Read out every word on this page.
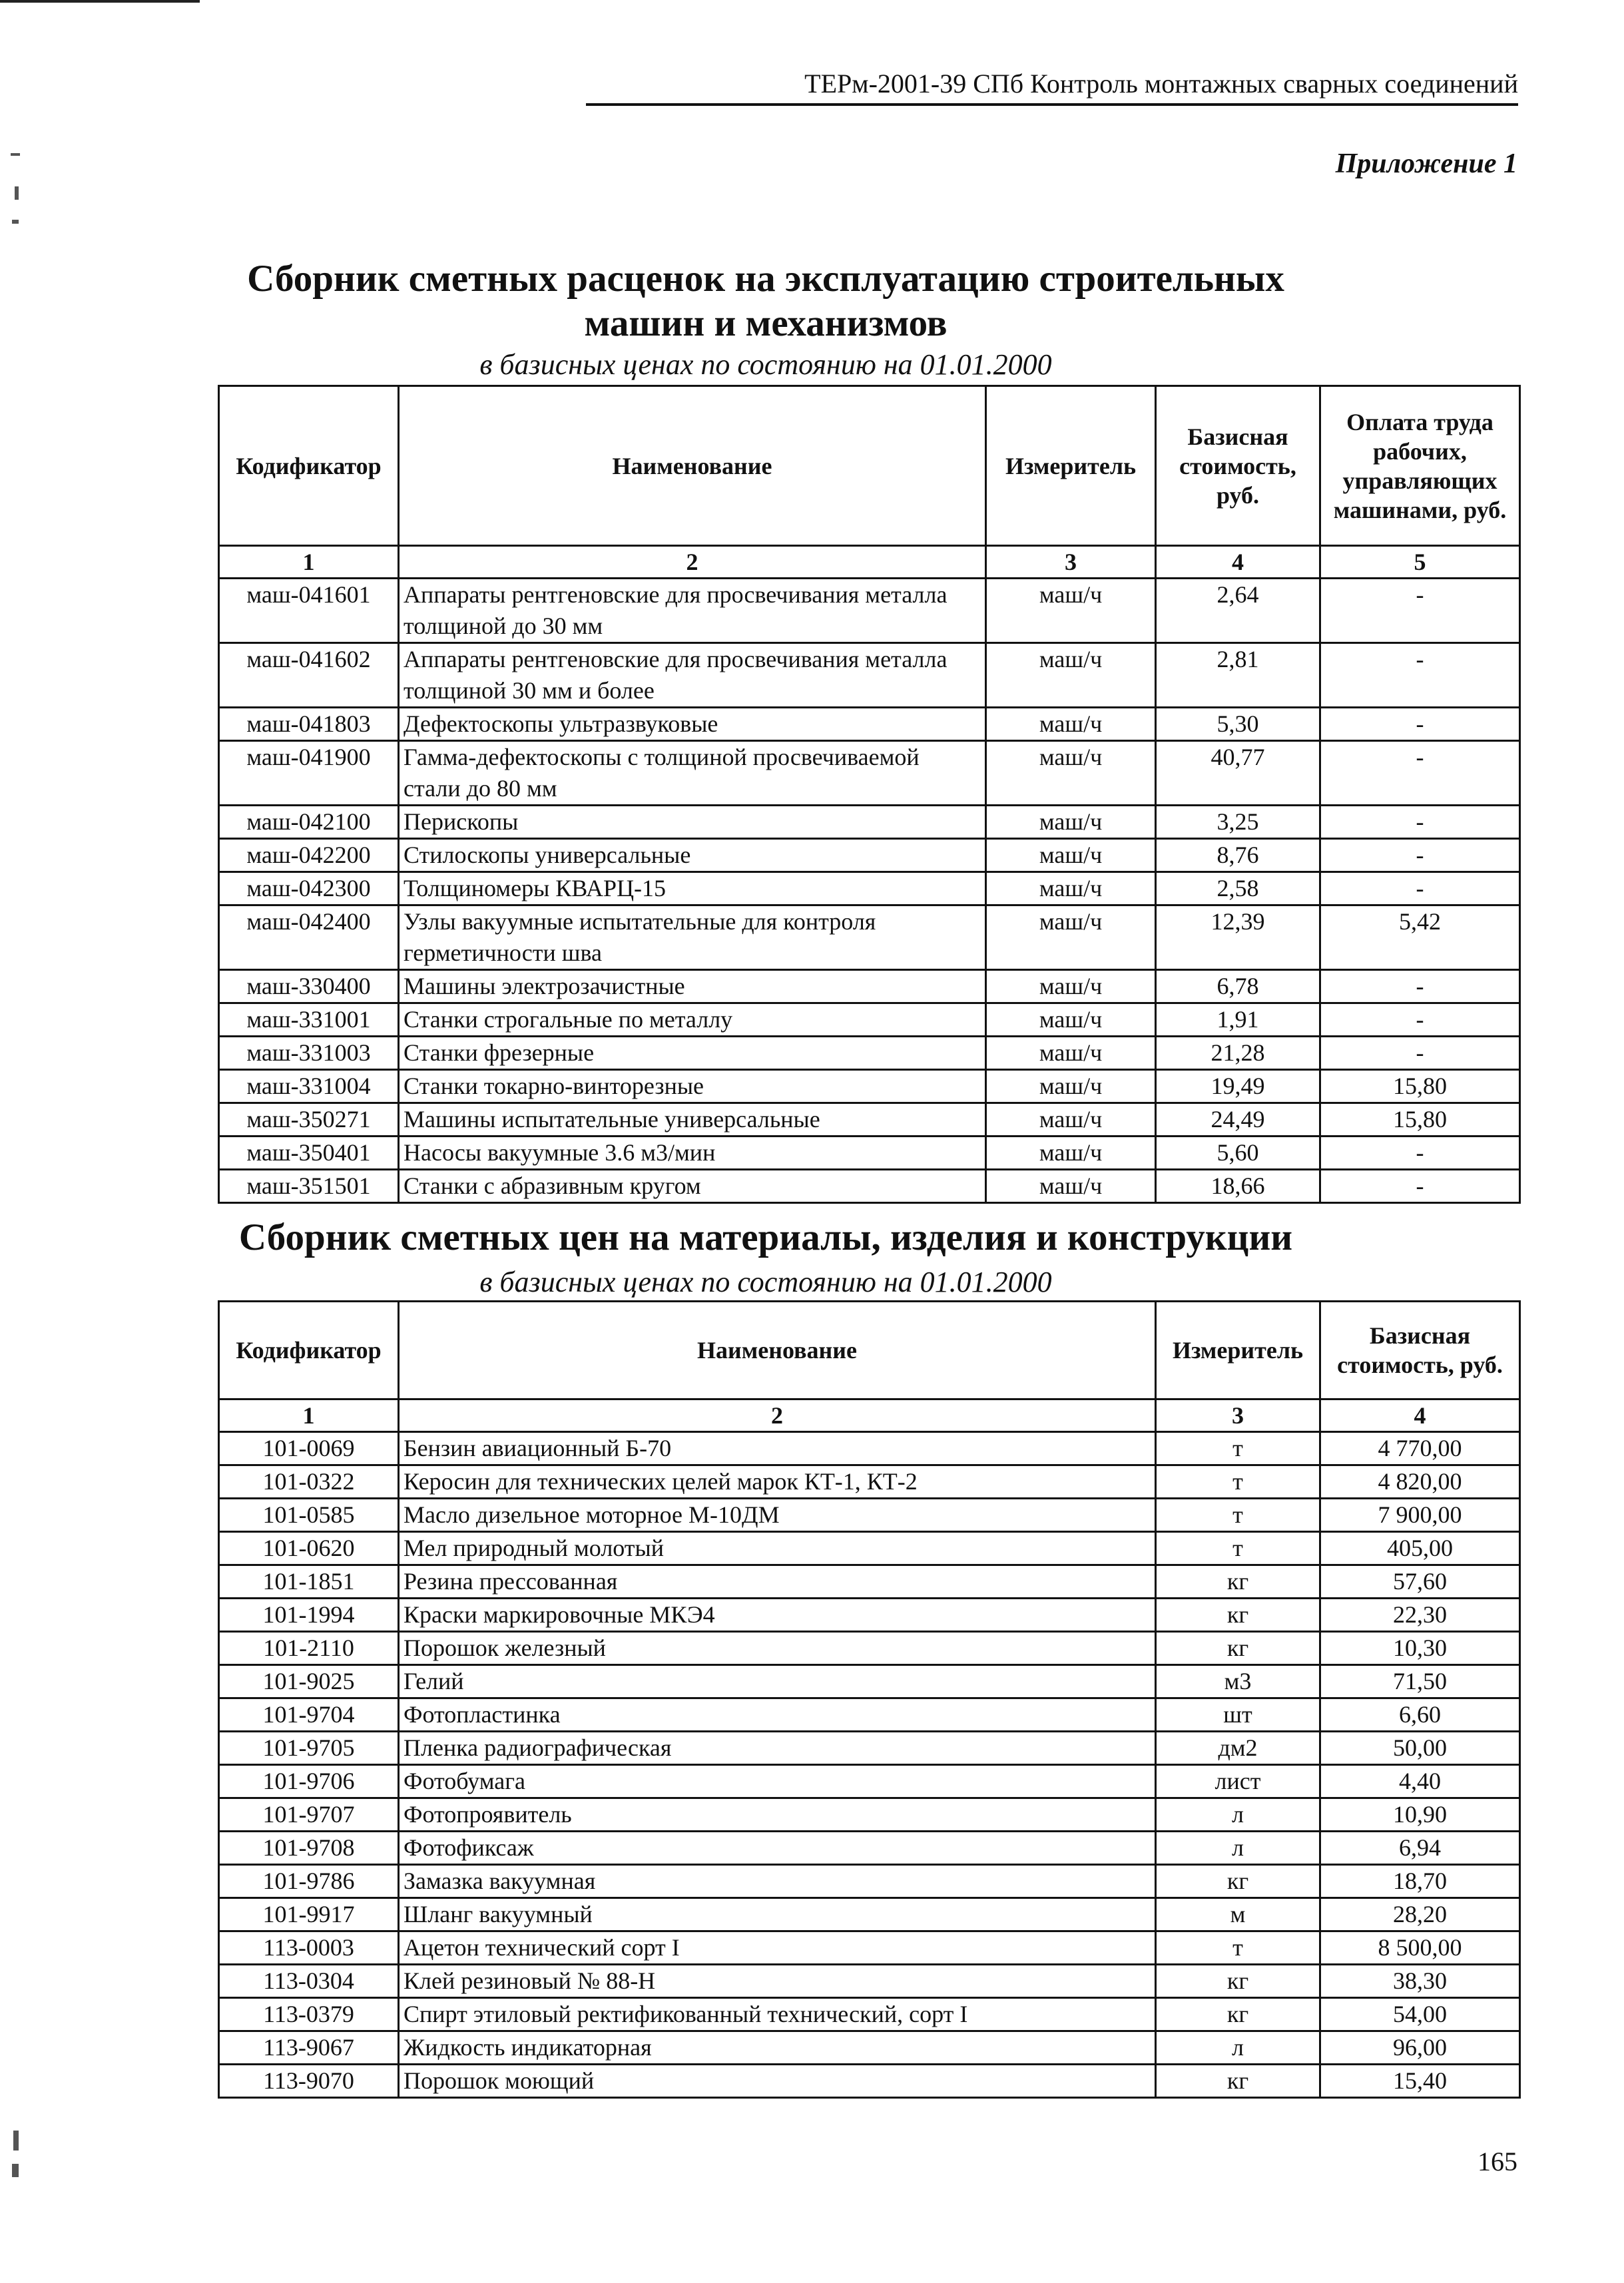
ТЕРм-2001-39 СПб Контроль монтажных сварных соединений
Приложение 1
Сборник сметных расценок на эксплуатацию строительных машин и механизмов
в базисных ценах по состоянию на 01.01.2000
Кодификатор	Наименование	Измеритель	Базисная стоимость, руб.	Оплата труда рабочих, управляющих машинами, руб.
1	2	3	4	5
маш-041601	Аппараты рентгеновские для просвечивания металла толщиной до 30 мм	маш/ч	2,64	-
маш-041602	Аппараты рентгеновские для просвечивания металла толщиной 30 мм и более	маш/ч	2,81	-
маш-041803	Дефектоскопы ультразвуковые	маш/ч	5,30	-
маш-041900	Гамма-дефектоскопы с толщиной просвечиваемой стали до 80 мм	маш/ч	40,77	-
маш-042100	Перископы	маш/ч	3,25	-
маш-042200	Стилоскопы универсальные	маш/ч	8,76	-
маш-042300	Толщиномеры КВАРЦ-15	маш/ч	2,58	-
маш-042400	Узлы вакуумные испытательные для контроля герметичности шва	маш/ч	12,39	5,42
маш-330400	Машины электрозачистные	маш/ч	6,78	-
маш-331001	Станки строгальные по металлу	маш/ч	1,91	-
маш-331003	Станки фрезерные	маш/ч	21,28	-
маш-331004	Станки токарно-винторезные	маш/ч	19,49	15,80
маш-350271	Машины испытательные универсальные	маш/ч	24,49	15,80
маш-350401	Насосы вакуумные 3.6 м3/мин	маш/ч	5,60	-
маш-351501	Станки с абразивным кругом	маш/ч	18,66	-
Сборник сметных цен на материалы, изделия и конструкции
в базисных ценах по состоянию на 01.01.2000
Кодификатор	Наименование	Измеритель	Базисная стоимость, руб.
1	2	3	4
101-0069	Бензин авиационный Б-70	т	4 770,00
101-0322	Керосин для технических целей марок КТ-1, КТ-2	т	4 820,00
101-0585	Масло дизельное моторное М-10ДМ	т	7 900,00
101-0620	Мел природный молотый	т	405,00
101-1851	Резина прессованная	кг	57,60
101-1994	Краски маркировочные МКЭ4	кг	22,30
101-2110	Порошок железный	кг	10,30
101-9025	Гелий	м3	71,50
101-9704	Фотопластинка	шт	6,60
101-9705	Пленка радиографическая	дм2	50,00
101-9706	Фотобумага	лист	4,40
101-9707	Фотопроявитель	л	10,90
101-9708	Фотофиксаж	л	6,94
101-9786	Замазка вакуумная	кг	18,70
101-9917	Шланг вакуумный	м	28,20
113-0003	Ацетон технический сорт I	т	8 500,00
113-0304	Клей резиновый № 88-Н	кг	38,30
113-0379	Спирт этиловый ректификованный технический, сорт I	кг	54,00
113-9067	Жидкость индикаторная	л	96,00
113-9070	Порошок моющий	кг	15,40
165
